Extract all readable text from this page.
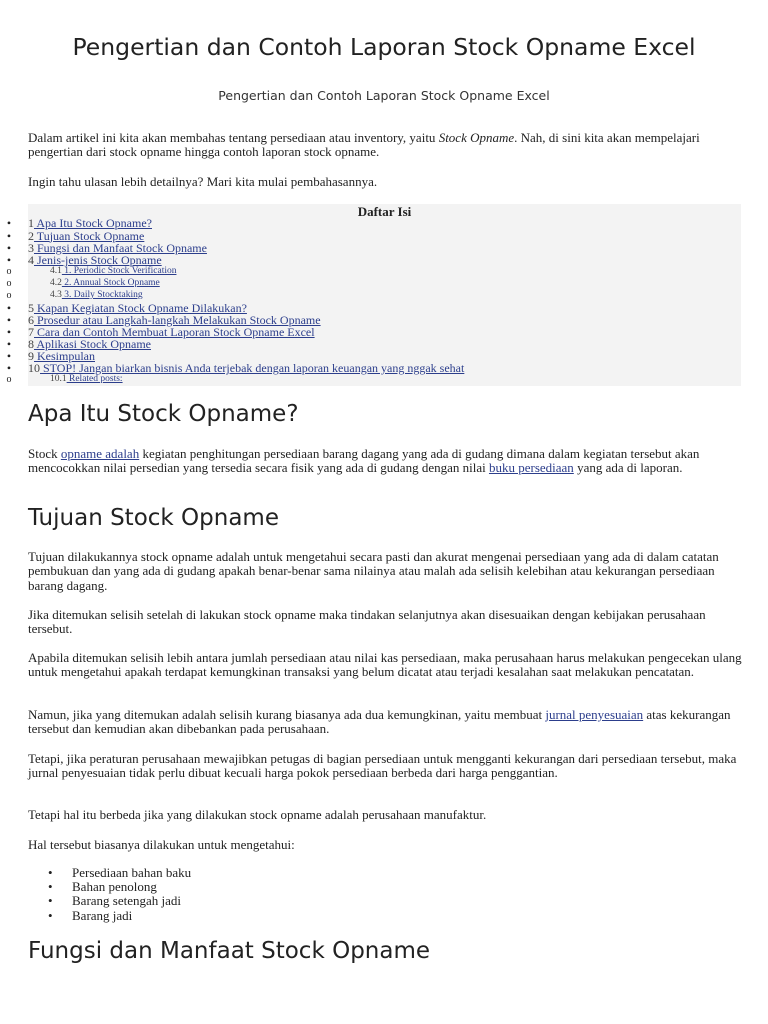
Pengertian dan Contoh Laporan Stock Opname Excel
Pengertian dan Contoh Laporan Stock Opname Excel

Dalam artikel ini kita akan membahas tentang persediaan atau inventory, yaitu Stock Opname. Nah, di sini kita akan mempelajari pengertian dari stock opname hingga contoh laporan stock opname.

Ingin tahu ulasan lebih detailnya? Mari kita mulai pembahasannya.

Daftar Isi
• 1 Apa Itu Stock Opname?
• 2 Tujuan Stock Opname
• 3 Fungsi dan Manfaat Stock Opname
• 4 Jenis-jenis Stock Opname
o	4.1 1. Periodic Stock Verification
o	4.2 2. Annual Stock Opname
o	4.3 3. Daily Stocktaking
• 5 Kapan Kegiatan Stock Opname Dilakukan?
• 6 Prosedur atau Langkah-langkah Melakukan Stock Opname
• 7 Cara dan Contoh Membuat Laporan Stock Opname Excel
• 8 Aplikasi Stock Opname
• 9 Kesimpulan
• 10 STOP! Jangan biarkan bisnis Anda terjebak dengan laporan keuangan yang nggak sehat
o	10.1 Related posts:
Apa Itu Stock Opname?

Stock opname adalah kegiatan penghitungan persediaan barang dagang yang ada di gudang dimana dalam kegiatan tersebut akan mencocokkan nilai persedian yang tersedia secara fisik yang ada di gudang dengan nilai buku persediaan yang ada di laporan.

Tujuan Stock Opname

Tujuan dilakukannya stock opname adalah untuk mengetahui secara pasti dan akurat mengenai persediaan yang ada di dalam catatan pembukuan dan yang ada di gudang apakah benar-benar sama nilainya atau malah ada selisih kelebihan atau kekurangan persediaan barang dagang.

Jika ditemukan selisih setelah di lakukan stock opname maka tindakan selanjutnya akan disesuaikan dengan kebijakan perusahaan tersebut.

Apabila ditemukan selisih lebih antara jumlah persediaan atau nilai kas persediaan, maka perusahaan harus melakukan pengecekan ulang untuk mengetahui apakah terdapat kemungkinan transaksi yang belum dicatat atau terjadi kesalahan saat melakukan pencatatan.

Namun, jika yang ditemukan adalah selisih kurang biasanya ada dua kemungkinan, yaitu membuat jurnal penyesuaian atas kekurangan tersebut dan kemudian akan dibebankan pada perusahaan.

Tetapi, jika peraturan perusahaan mewajibkan petugas di bagian persediaan untuk mengganti kekurangan dari persediaan tersebut, maka jurnal penyesuaian tidak perlu dibuat kecuali harga pokok persediaan berbeda dari harga penggantian.

Tetapi hal itu berbeda jika yang dilakukan stock opname adalah perusahaan manufaktur.

Hal tersebut biasanya dilakukan untuk mengetahui:

• Persediaan bahan baku
• Bahan penolong
• Barang setengah jadi
• Barang jadi
Fungsi dan Manfaat Stock Opname
